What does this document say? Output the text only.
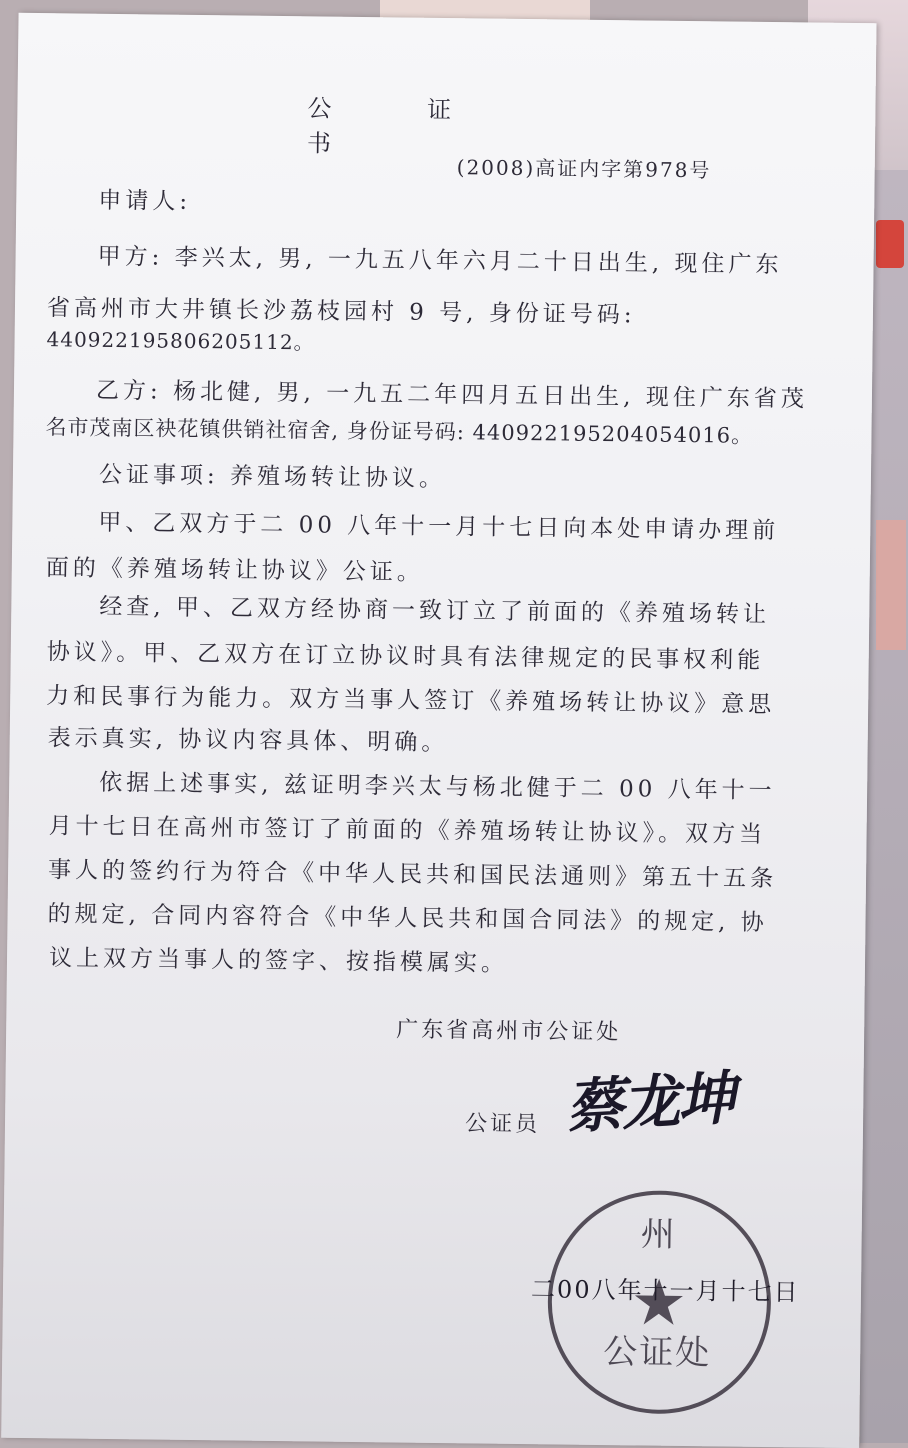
公 证 书
(2008)高证内字第978号
申请人:
甲方: 李兴太, 男, 一九五八年六月二十日出生, 现住广东
省高州市大井镇长沙荔枝园村 9 号, 身份证号码:
440922195806205112。
乙方: 杨北健, 男, 一九五二年四月五日出生, 现住广东省茂
名市茂南区袂花镇供销社宿舍, 身份证号码: 440922195204054016。
公证事项: 养殖场转让协议。
甲、乙双方于二 00 八年十一月十七日向本处申请办理前
面的《养殖场转让协议》公证。
经查, 甲、乙双方经协商一致订立了前面的《养殖场转让
协议》。甲、乙双方在订立协议时具有法律规定的民事权利能
力和民事行为能力。双方当事人签订《养殖场转让协议》意思
表示真实, 协议内容具体、明确。
依据上述事实, 兹证明李兴太与杨北健于二 00 八年十一
月十七日在高州市签订了前面的《养殖场转让协议》。双方当
事人的签约行为符合《中华人民共和国民法通则》第五十五条
的规定, 合同内容符合《中华人民共和国合同法》的规定, 协
议上双方当事人的签字、按指模属实。
广东省高州市公证处
公证员 蔡龙坤
州
公证处
二00八年十一月十七日
